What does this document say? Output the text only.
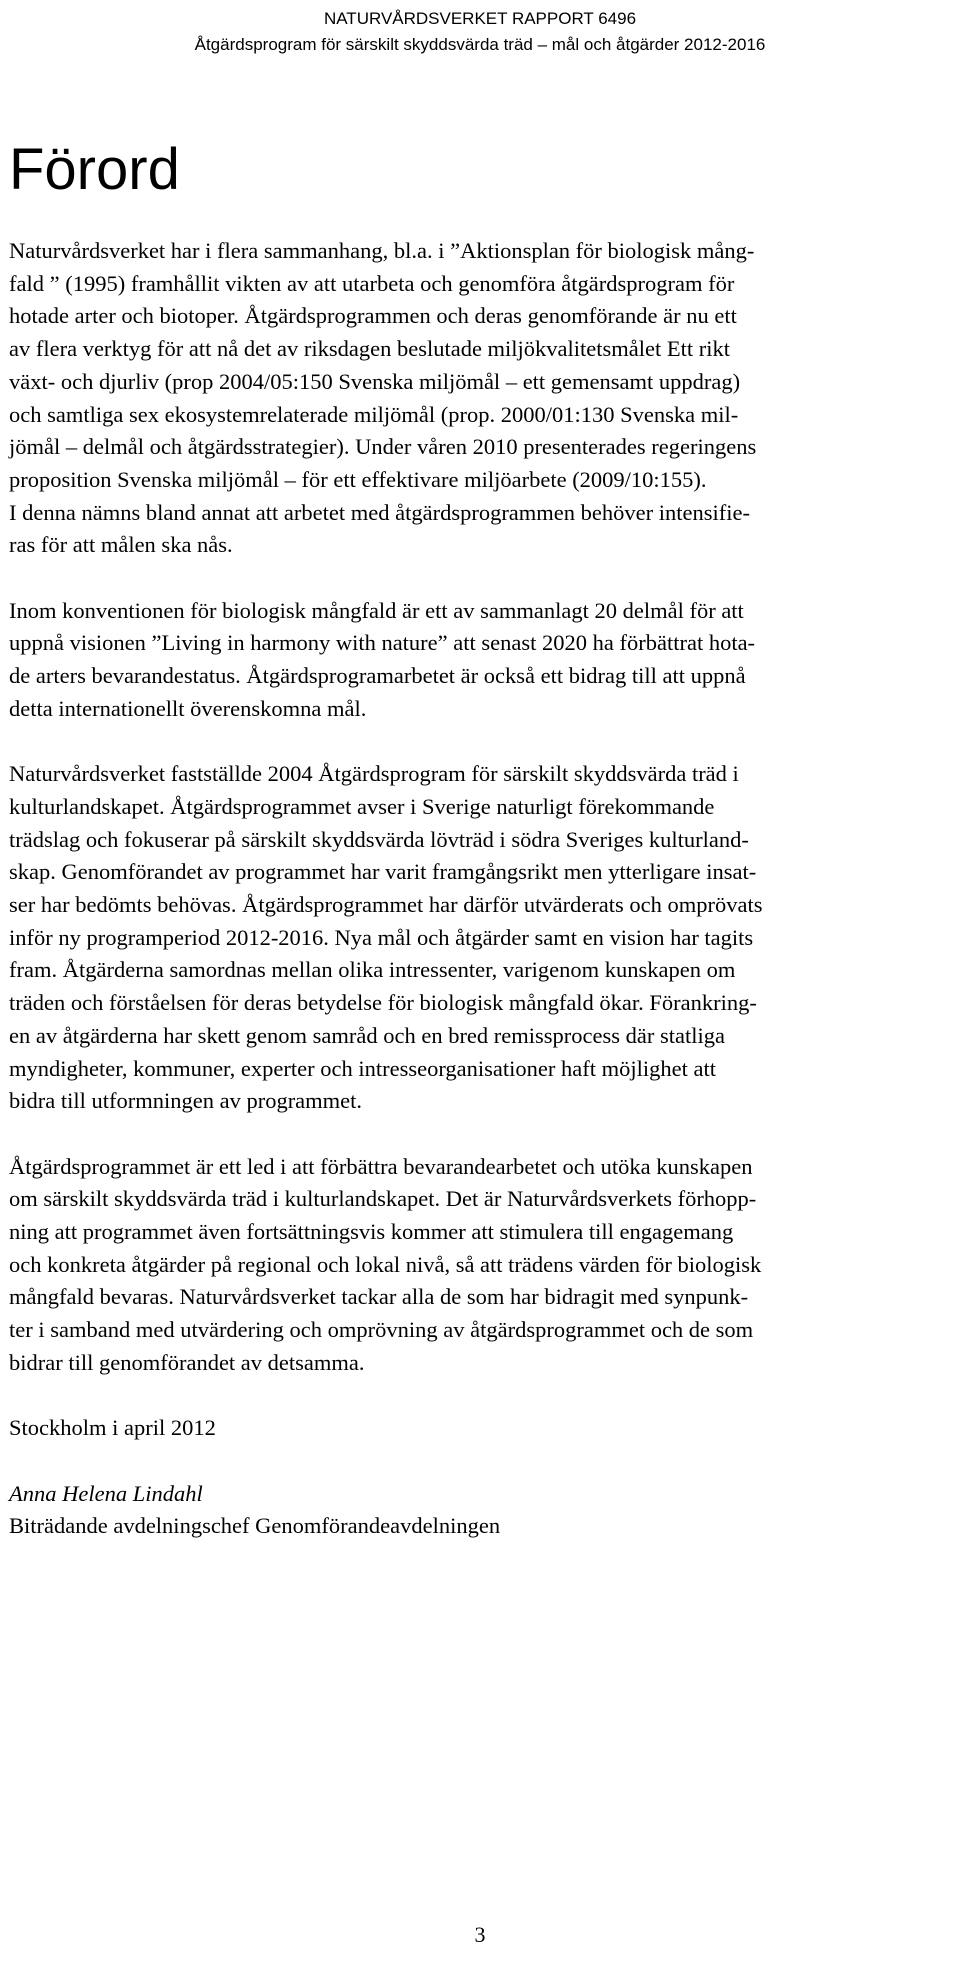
NATURVÅRDSVERKET RAPPORT 6496
Åtgärdsprogram för särskilt skyddsvärda träd – mål och åtgärder 2012-2016
Förord

Naturvårdsverket har i flera sammanhang, bl.a. i ”Aktionsplan för biologisk mång-
fald ” (1995) framhållit vikten av att utarbeta och genomföra åtgärdsprogram för
hotade arter och biotoper. Åtgärdsprogrammen och deras genomförande är nu ett
av flera verktyg för att nå det av riksdagen beslutade miljökvalitetsmålet Ett rikt
växt- och djurliv (prop 2004/05:150 Svenska miljömål – ett gemensamt uppdrag)
och samtliga sex ekosystemrelaterade miljömål (prop. 2000/01:130 Svenska mil-
jömål – delmål och åtgärdsstrategier). Under våren 2010 presenterades regeringens
proposition Svenska miljömål – för ett effektivare miljöarbete (2009/10:155).
I denna nämns bland annat att arbetet med åtgärdsprogrammen behöver intensifie-
ras för att målen ska nås.

Inom konventionen för biologisk mångfald är ett av sammanlagt 20 delmål för att
uppnå visionen ”Living in harmony with nature” att senast 2020 ha förbättrat hota-
de arters bevarandestatus. Åtgärdsprogramarbetet är också ett bidrag till att uppnå
detta internationellt överenskomna mål.

Naturvårdsverket fastställde 2004 Åtgärdsprogram för särskilt skyddsvärda träd i
kulturlandskapet. Åtgärdsprogrammet avser i Sverige naturligt förekommande
trädslag och fokuserar på särskilt skyddsvärda lövträd i södra Sveriges kulturland-
skap. Genomförandet av programmet har varit framgångsrikt men ytterligare insat-
ser har bedömts behövas. Åtgärdsprogrammet har därför utvärderats och omprövats
inför ny programperiod 2012-2016. Nya mål och åtgärder samt en vision har tagits
fram. Åtgärderna samordnas mellan olika intressenter, varigenom kunskapen om
träden och förståelsen för deras betydelse för biologisk mångfald ökar. Förankring-
en av åtgärderna har skett genom samråd och en bred remissprocess där statliga
myndigheter, kommuner, experter och intresseorganisationer haft möjlighet att
bidra till utformningen av programmet.

Åtgärdsprogrammet är ett led i att förbättra bevarandearbetet och utöka kunskapen
om särskilt skyddsvärda träd i kulturlandskapet. Det är Naturvårdsverkets förhopp-
ning att programmet även fortsättningsvis kommer att stimulera till engagemang
och konkreta åtgärder på regional och lokal nivå, så att trädens värden för biologisk
mångfald bevaras. Naturvårdsverket tackar alla de som har bidragit med synpunk-
ter i samband med utvärdering och omprövning av åtgärdsprogrammet och de som
bidrar till genomförandet av detsamma.

Stockholm i april 2012
Anna Helena Lindahl
Biträdande avdelningschef Genomförandeavdelningen
3
